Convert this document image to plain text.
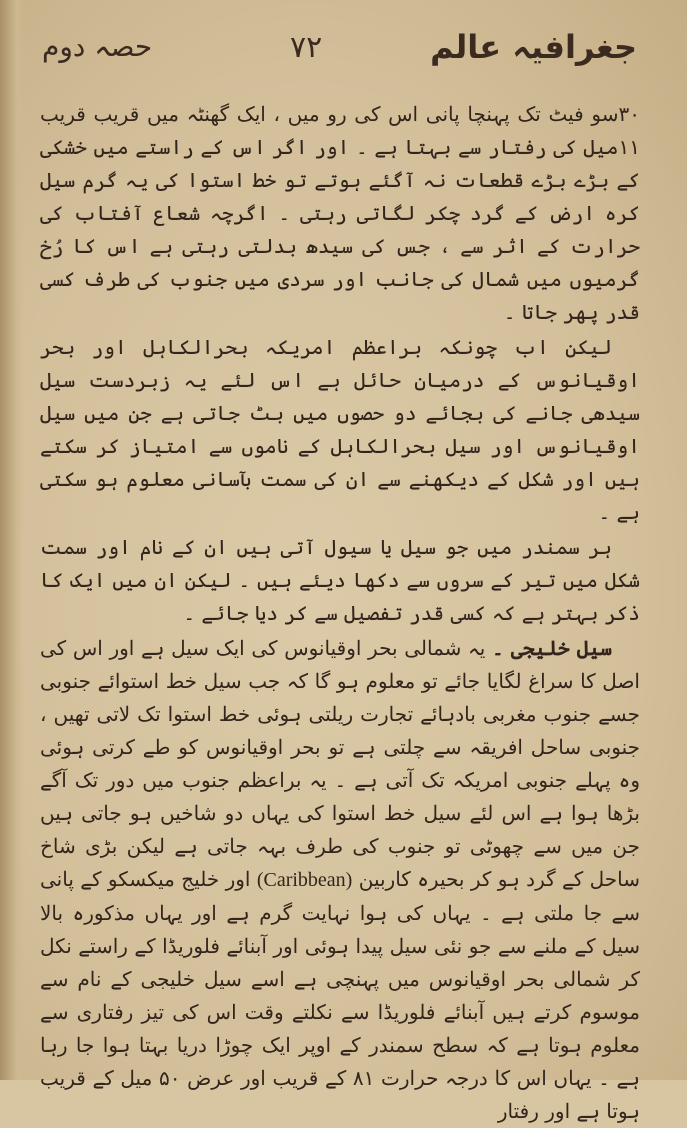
حصہ دوم	۷۲	جغرافیہ عالم

۳۰سو فیٹ تک پہنچا پانی اس کی رو میں ، ایک گھنٹہ میں قریب قریب ۱۱میل کی رفتار سے بہتا ہے ۔ اور اگر اس کے راستے میں خشکی کے بڑے بڑے قطعات نہ آگئے ہوتے تو خط استوا کی یہ گرم سیل کرہ ارض کے گرد چکر لگاتی رہتی ۔ اگرچہ شعاع آفتاب کی حرارت کے اثر سے ، جس کی سیدھ بدلتی رہتی ہے اس کا رُخ گرمیوں میں شمال کی جانب اور سردی میں جنوب کی طرف کسی قدر پھر جاتا ۔

لیکن اب چونکہ براعظم امریکہ بحرالکاہل اور بحر اوقیانوس کے درمیان حائل ہے اس لئے یہ زبردست سیل سیدھی جانے کی بجائے دو حصوں میں بٹ جاتی ہے جن میں سیل اوقیانوس اور سیل بحرالکاہل کے ناموں سے امتیاز کر سکتے ہیں اور شکل کے دیکھنے سے ان کی سمت بآسانی معلوم ہو سکتی ہے ۔

ہر سمندر میں جو سیل یا سیول آتی ہیں ان کے نام اور سمت شکل میں تیر کے سروں سے دکھا دیئے ہیں ۔ لیکن ان میں ایک کا ذکر بہتر ہے کہ کسی قدر تفصیل سے کر دیا جائے ۔

سیل خلیجی ۔ یہ شمالی بحر اوقیانوس کی ایک سیل ہے اور اس کی اصل کا سراغ لگایا جائے تو معلوم ہو گا کہ جب سیل خط استوائے جنوبی جسے جنوب مغربی بادہائے تجارت ریلتی ہوئی خط استوا تک لاتی تھیں ، جنوبی ساحل افریقہ سے چلتی ہے تو بحر اوقیانوس کو طے کرتی ہوئی وہ پہلے جنوبی امریکہ تک آتی ہے ۔ یہ براعظم جنوب میں دور تک آگے بڑھا ہوا ہے اس لئے سیل خط استوا کی یہاں دو شاخیں ہو جاتی ہیں جن میں سے چھوٹی تو جنوب کی طرف بہہ جاتی ہے لیکن بڑی شاخ ساحل کے گرد ہو کر بحیرہ کاربین (Caribbean) اور خلیج میکسکو کے پانی سے جا ملتی ہے ۔ یہاں کی ہوا نہایت گرم ہے اور یہاں مذکورہ بالا سیل کے ملنے سے جو نئی سیل پیدا ہوئی اور آبنائے فلوریڈا کے راستے نکل کر شمالی بحر اوقیانوس میں پہنچی ہے اسے سیل خلیجی کے نام سے موسوم کرتے ہیں آبنائے فلوریڈا سے نکلتے وقت اس کی تیز رفتاری سے معلوم ہوتا ہے کہ سطح سمندر کے اوپر ایک چوڑا دریا بہتا ہوا جا رہا ہے ۔ یہاں اس کا درجہ حرارت ۸۱ کے قریب اور عرض ۵۰ میل کے قریب ہوتا ہے اور رفتار
